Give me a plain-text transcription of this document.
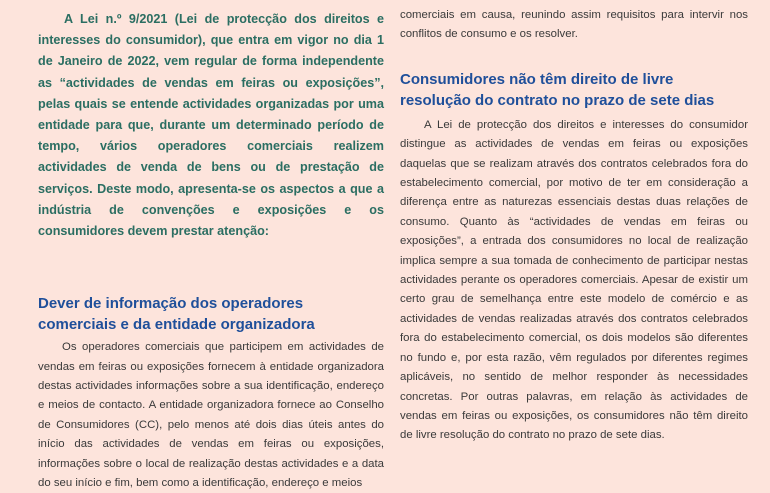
A Lei n.º 9/2021 (Lei de protecção dos direitos e interesses do consumidor), que entra em vigor no dia 1 de Janeiro de 2022, vem regular de forma independente as “actividades de vendas em feiras ou exposições”, pelas quais se entende actividades organizadas por uma entidade para que, durante um determinado período de tempo, vários operadores comerciais realizem actividades de venda de bens ou de prestação de serviços. Deste modo, apresenta-se os aspectos a que a indústria de convenções e exposições e os consumidores devem prestar atenção:

Dever de informação dos operadores comerciais e da entidade organizadora

Os operadores comerciais que participem em actividades de vendas em feiras ou exposições fornecem à entidade organizadora destas actividades informações sobre a sua identificação, endereço e meios de contacto. A entidade organizadora fornece ao Conselho de Consumidores (CC), pelo menos até dois dias úteis antes do início das actividades de vendas em feiras ou exposições, informações sobre o local de realização destas actividades e a data do seu início e fim, bem como a identificação, endereço e meios

comerciais em causa, reunindo assim requisitos para intervir nos conflitos de consumo e os resolver.

Consumidores não têm direito de livre resolução do contrato no prazo de sete dias

A Lei de protecção dos direitos e interesses do consumidor distingue as actividades de vendas em feiras ou exposições daquelas que se realizam através dos contratos celebrados fora do estabelecimento comercial, por motivo de ter em consideração a diferença entre as naturezas essenciais destas duas relações de consumo. Quanto às “actividades de vendas em feiras ou exposições”, a entrada dos consumidores no local de realização implica sempre a sua tomada de conhecimento de participar nestas actividades perante os operadores comerciais. Apesar de existir um certo grau de semelhança entre este modelo de comércio e as actividades de vendas realizadas através dos contratos celebrados fora do estabelecimento comercial, os dois modelos são diferentes no fundo e, por esta razão, vêm regulados por diferentes regimes aplicáveis, no sentido de melhor responder às necessidades concretas. Por outras palavras, em relação às actividades de vendas em feiras ou exposições, os consumidores não têm direito de livre resolução do contrato no prazo de sete dias.
